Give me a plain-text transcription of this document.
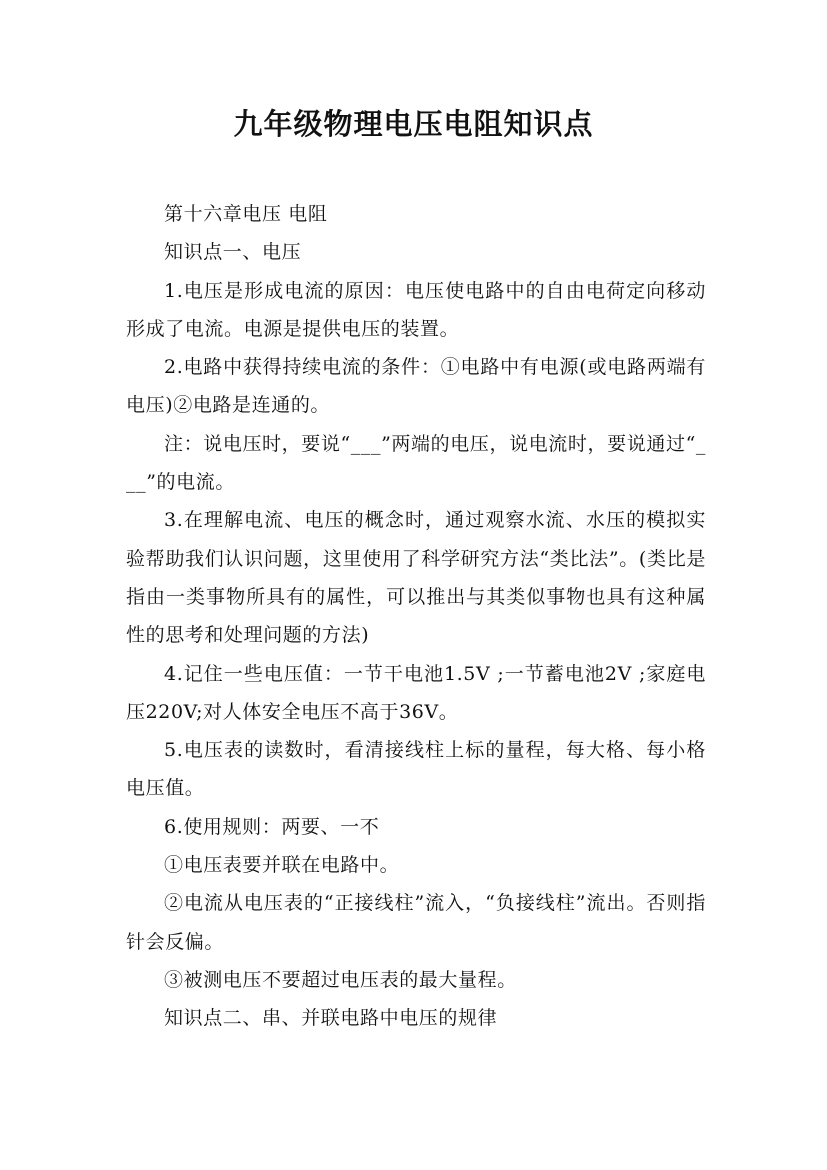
九年级物理电压电阻知识点

第十六章电压 电阻

知识点一、电压

1.电压是形成电流的原因：电压使电路中的自由电荷定向移动形成了电流。电源是提供电压的装置。

2.电路中获得持续电流的条件：①电路中有电源(或电路两端有电压)②电路是连通的。

注：说电压时，要说“___”两端的电压，说电流时，要说通过“___”的电流。

3.在理解电流、电压的概念时，通过观察水流、水压的模拟实验帮助我们认识问题，这里使用了科学研究方法“类比法”。(类比是指由一类事物所具有的属性，可以推出与其类似事物也具有这种属性的思考和处理问题的方法)

4.记住一些电压值：一节干电池1.5V ;一节蓄电池2V ;家庭电压220V;对人体安全电压不高于36V。

5.电压表的读数时，看清接线柱上标的量程，每大格、每小格电压值。

6.使用规则：两要、一不

①电压表要并联在电路中。

②电流从电压表的“正接线柱”流入，“负接线柱”流出。否则指针会反偏。

③被测电压不要超过电压表的最大量程。

知识点二、串、并联电路中电压的规律
